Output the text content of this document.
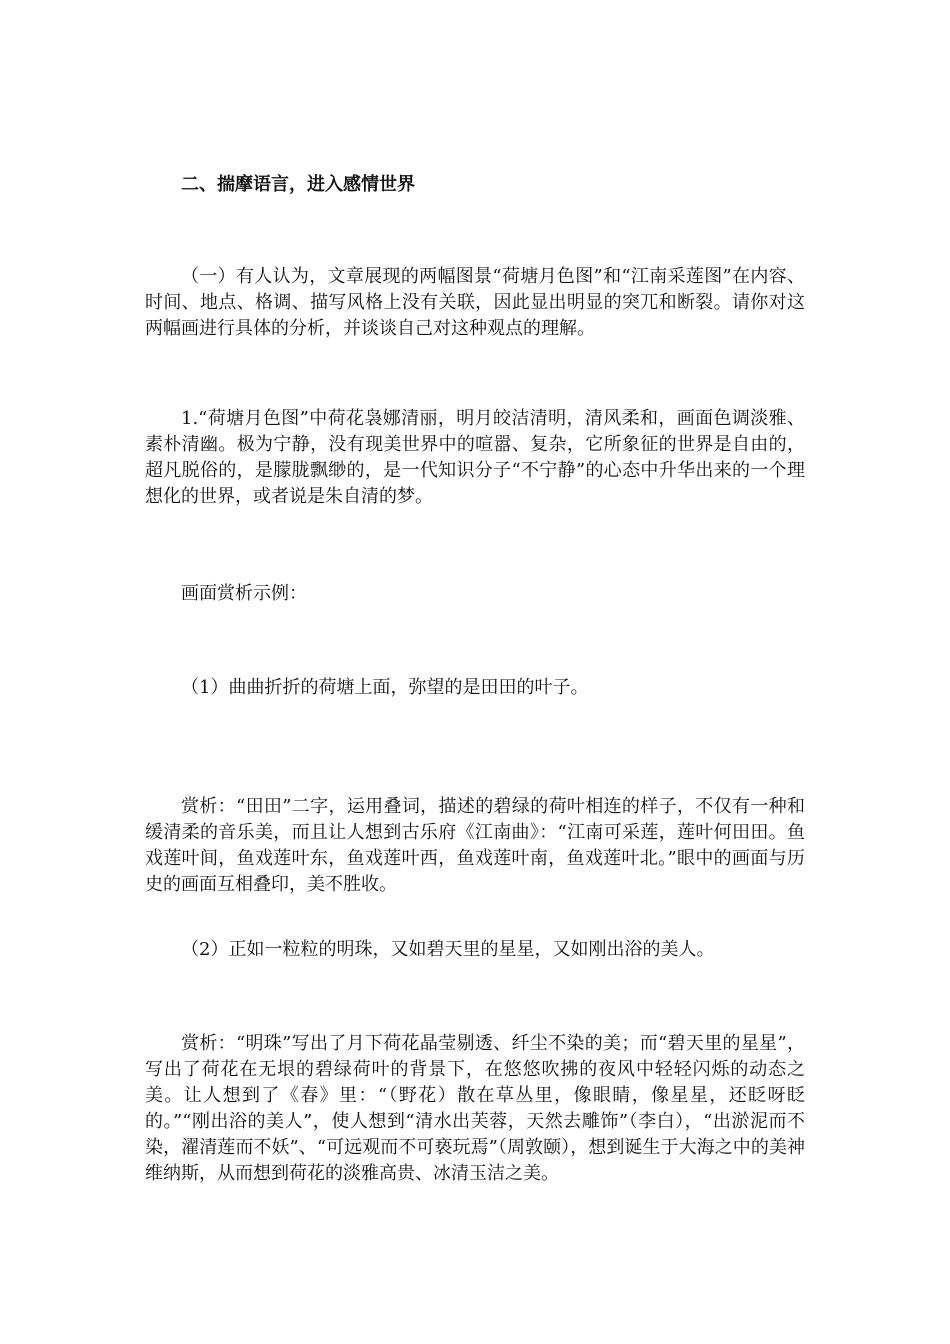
二、揣摩语言，进入感情世界

（一）有人认为，文章展现的两幅图景“荷塘月色图”和“江南采莲图”在内容、时间、地点、格调、描写风格上没有关联，因此显出明显的突兀和断裂。请你对这两幅画进行具体的分析，并谈谈自己对这种观点的理解。

1.“荷塘月色图”中荷花袅娜清丽，明月皎洁清明，清风柔和，画面色调淡雅、素朴清幽。极为宁静，没有现美世界中的喧嚣、复杂，它所象征的世界是自由的，超凡脱俗的，是朦胧飘缈的，是一代知识分子“不宁静”的心态中升华出来的一个理想化的世界，或者说是朱自清的梦。

画面赏析示例：

（1）曲曲折折的荷塘上面，弥望的是田田的叶子。

赏析：“田田”二字，运用叠词，描述的碧绿的荷叶相连的样子，不仅有一种和缓清柔的音乐美，而且让人想到古乐府《江南曲》：“江南可采莲，莲叶何田田。鱼戏莲叶间，鱼戏莲叶东，鱼戏莲叶西，鱼戏莲叶南，鱼戏莲叶北。”眼中的画面与历史的画面互相叠印，美不胜收。

（2）正如一粒粒的明珠，又如碧天里的星星，又如刚出浴的美人。

赏析：“明珠”写出了月下荷花晶莹剔透、纤尘不染的美；而“碧天里的星星”，写出了荷花在无垠的碧绿荷叶的背景下，在悠悠吹拂的夜风中轻轻闪烁的动态之美。让人想到了《春》里：“（野花）散在草丛里，像眼睛，像星星，还眨呀眨的。”“刚出浴的美人”，使人想到“清水出芙蓉，天然去雕饰”（李白），“出淤泥而不染，濯清莲而不妖”、“可远观而不可亵玩焉”（周敦颐），想到诞生于大海之中的美神维纳斯，从而想到荷花的淡雅高贵、冰清玉洁之美。
